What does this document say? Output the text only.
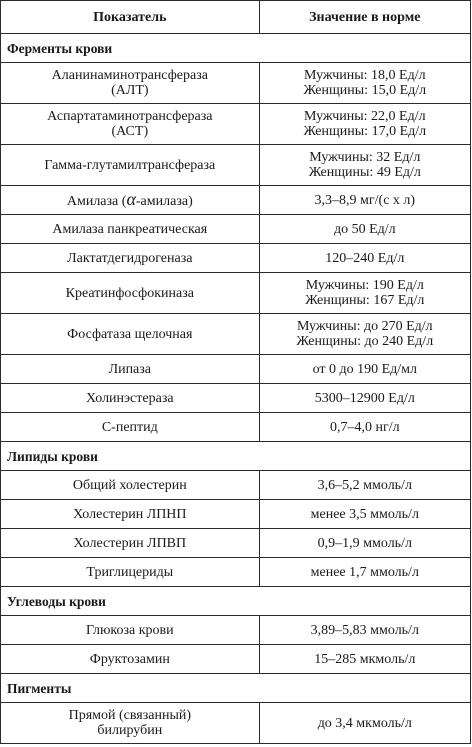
Показатель	Значение в норме
Ферменты крови	

Аланинаминотрансфераза
(АЛТ)	Мужчины: 18,0 Ед/л
Женщины: 15,0 Ед/л

Аспартатаминотрансфераза
(АСТ)	Мужчины: 22,0 Ед/л
Женщины: 17,0 Ед/л

Гамма-глутамилтрансфераза	Мужчины: 32 Ед/л
Женщины: 49 Ед/л

Амилаза (α-амилаза)	3,3–8,9 мг/(с х л)

Амилаза панкреатическая	до 50 Ед/л

Лактатдегидрогеназа	120–240 Ед/л

Креатинфосфокиназа	Мужчины: 190 Ед/л
Женщины: 167 Ед/л

Фосфатаза щелочная	Мужчины: до 270 Ед/л
Женщины: до 240 Ед/л

Липаза	от 0 до 190 Ед/мл

Холинэстераза	5300–12900 Ед/л

С-пептид	0,7–4,0 нг/л

Липиды крови	

Общий холестерин	3,6–5,2 ммоль/л

Холестерин ЛПНП	менее 3,5 ммоль/л

Холестерин ЛПВП	0,9–1,9 ммоль/л

Триглицериды	менее 1,7 ммоль/л

Углеводы крови	

Глюкоза крови	3,89–5,83 ммоль/л

Фруктозамин	15–285 мкмоль/л

Пигменты	

Прямой (связанный)
билирубин	до 3,4 мкмоль/л
